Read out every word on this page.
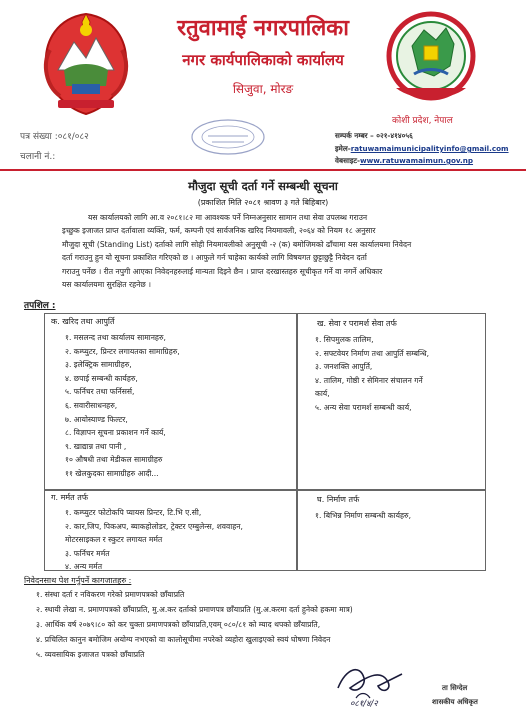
रतुवामाई नगरपालिका
नगर कार्यपालिकाको कार्यालय
सिजुवा, मोरङ
कोशी प्रदेश, नेपाल
पत्र संख्या :०८१/०८२
चलानी नं.:
सम्पर्क नम्बर – ०२१-४१४०५६
इमेल-ratuwamaimunicipalityinfo@gmail.com
वेबसाइट-www.ratuwamaimun.gov.np
मौजुदा सूची दर्ता गर्ने सम्बन्धी सूचना
(प्रकाशित मिति २०८१ श्रावण ३ गते बिहिबार)
यस कार्यालयको लागि आ.व २०८१।८२ मा आवश्यक पर्ने निम्नअनुसार सामान तथा सेवा उपलब्ध गराउन
इच्छुक इजाजत प्राप्त दर्तावाला व्यक्ति, फर्म, कम्पनी एवं सार्वजनिक खरिद नियमावली, २०६४ को नियम १८ अनुसार
मौजुदा सूची (Standing List) दर्ताको लागि सोही नियमावलीको अनुसूची -२ (क) बमोजिमको ढाँचामा यस कार्यालयमा निवेदन
दर्ता गराउनु हुन यो सूचना प्रकाशित गरिएको छ । आफुले गर्न चाहेका कार्यको लागि विषयगत छुट्टाछुट्टै निवेदन दर्ता
गराउनु पर्नेछ । रीत नपुगी आएका निवेदनहरुलाई मान्यता दिइने छैन । प्राप्त दरखास्तहरु सूचीकृत गर्ने वा नगर्ने अधिकार
यस कार्यालयमा सुरक्षित रहनेछ ।
तपशिल :
क. खरिद तथा आपुर्ति
१. मसलन्द तथा कार्यालय सामानहरु,
२. कम्प्युटर, प्रिन्टर लगायतका सामाग्रिहरु,
३. इलेक्ट्रिक सामाग्रीहरु,
४. छपाई सम्बन्धी कार्यहरु,
५. फर्निचर तथा फर्निसर्स,
६. सवारीसाधनहरु,
७. आयोस्याण्ड फिल्टर,
८. विज्ञापन सूचना प्रकाशन गर्ने कार्य,
९. खाद्यान्न तथा पानी ,
१० औषधी तथा मेडीकल सामाग्रीहरु
११ खेलकुदका सामाग्रीहरु आदी...
ख. सेवा र परामर्श सेवा तर्फ
१. सिपमुलक तालिम,
२. सफ्टवेयर निर्माण तथा आपुर्ति सम्बन्धि,
३. जनशक्ति आपुर्ति,
४. तालिम, गोष्ठी र सेमिनार संचालन गर्ने
कार्य,
५. अन्य सेवा परामर्श सम्बन्धी कार्य,
ग. मर्मत तर्फ
१. कम्प्युटर फोटोकपि प्यायस प्रिन्टर, टि.भि ए.सी,
२. कार,जिप, पिकअप, ब्याकहोलोडर, ट्रेक्टर एम्बुलेन्स, शववाहन,
मोटरसाइकल र स्कुटर लगायत मर्मत
३. फर्निचर मर्मत
४. अन्य मर्मत
घ. निर्माण तर्फ
१. बिभिन्न निर्माण सम्बन्धी कार्यहरु,
निवेदनसाथ पेश गर्नुपर्ने कागजातहरु :
१. संस्था दर्ता र नविकरण गरेको प्रमाणपत्रको छाँयाप्रति
२. स्थायी लेखा न. प्रमाणपत्रको छाँयाप्रति, मु.अ.कर दर्ताको प्रमाणपत्र छाँयाप्रति (मु.अ.करमा दर्ता हुनेको हकमा मात्र)
३. आर्थिक वर्ष २०७९।८० को कर चुक्ता प्रमाणपत्रको छाँयाप्रति,एवम् ०८०/८१ को म्याद थपको छाँयाप्रति,
४. प्रचिलित कानुन बमोजिम अयोग्य नभएको वा कालोसूचीमा नपरेको व्यहोरा खुलाइएको स्वयं घोषणा निवेदन
५. व्यवसायिक इजाजत पत्रको छाँयाप्रति
०८१/४/२
ता सिग्देल
शासकीय अधिकृत
